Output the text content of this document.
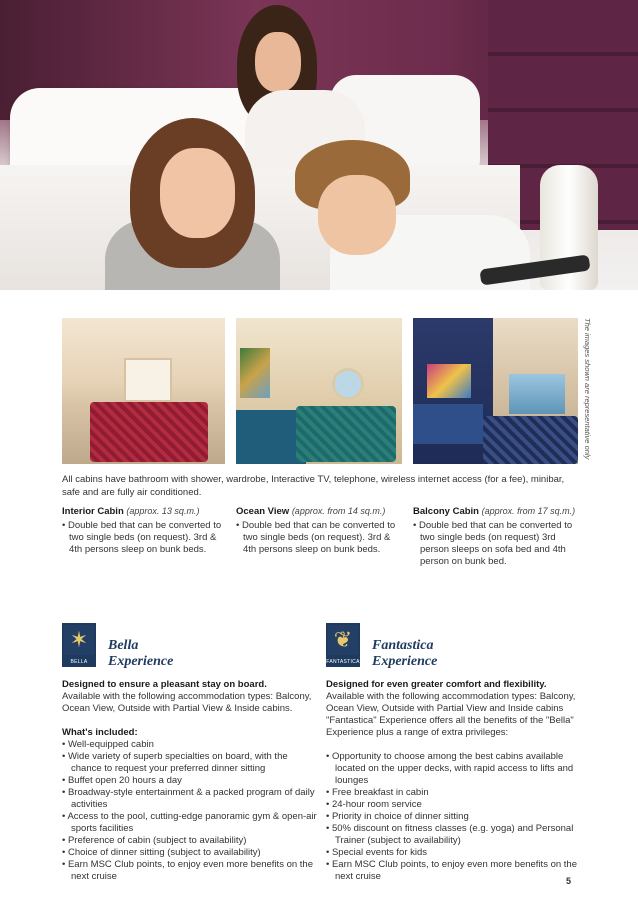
The images shown are representative only
All cabins have bathroom with shower, wardrobe, Interactive TV, telephone, wireless internet access (for a fee), minibar, safe and are fully air conditioned.
Interior Cabin (approx. 13 sq.m.)
• Double bed that can be converted to two single beds (on request). 3rd & 4th persons sleep on bunk beds.
Ocean View (approx. from 14 sq.m.)
• Double bed that can be converted to two single beds (on request). 3rd & 4th persons sleep on bunk beds.
Balcony Cabin (approx. from 17 sq.m.)
• Double bed that can be converted to two single beds (on request) 3rd person sleeps on sofa bed and 4th person on bunk bed.
✶
BELLA
Bella
Experience
Designed to ensure a pleasant stay on board.
Available with the following accommodation types: Balcony, Ocean View, Outside with Partial View & Inside cabins.
What's included:
• Well-equipped cabin
• Wide variety of superb specialties on board, with the chance to request your preferred dinner sitting
• Buffet open 20 hours a day
• Broadway-style entertainment & a packed program of daily activities
• Access to the pool, cutting-edge panoramic gym & open-air sports facilities
• Preference of cabin (subject to availability)
• Choice of dinner sitting (subject to availability)
• Earn MSC Club points, to enjoy even more benefits on the next cruise
❦
FANTASTICA
Fantastica
Experience
Designed for even greater comfort and flexibility.
Available with the following accommodation types: Balcony, Ocean View, Outside with Partial View and Inside cabins "Fantastica" Experience offers all the benefits of the "Bella" Experience plus a range of extra privileges:
• Opportunity to choose among the best cabins available located on the upper decks, with rapid access to lifts and lounges
• Free breakfast in cabin
• 24-hour room service
• Priority in choice of dinner sitting
• 50% discount on fitness classes (e.g. yoga) and Personal Trainer (subject to availability)
• Special events for kids
• Earn MSC Club points, to enjoy even more benefits on the next cruise	5
